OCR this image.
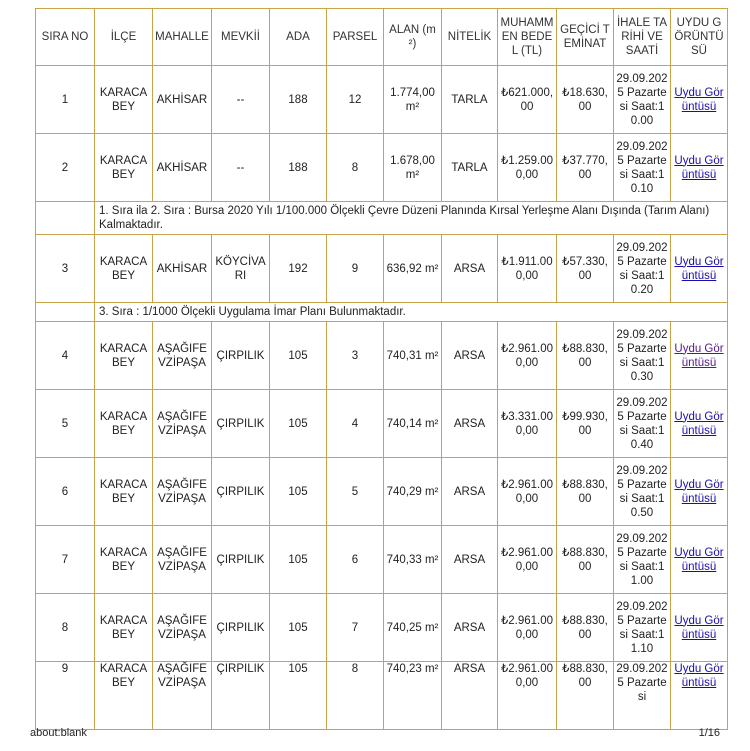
SIRA NO	İLÇE	MAHALLE	MEVKİİ	ADA	PARSEL	ALAN (m²)	NİTELİK	MUHAMMEN BEDEL (TL)	GEÇİCİ TEMİNAT	İHALE TARİHİ VE SAATİ	UYDU GÖRÜNTÜSÜ
1	KARACABEY	AKHİSAR	--	188	12	1.774,00 m²	TARLA	₺621.000,00	₺18.630,00	29.09.2025 Pazartesi Saat:10.00	Uydu Görüntüsü
2	KARACABEY	AKHİSAR	--	188	8	1.678,00 m²	TARLA	₺1.259.000,00	₺37.770,00	29.09.2025 Pazartesi Saat:10.10	Uydu Görüntüsü
	1. Sıra ila 2. Sıra : Bursa 2020 Yılı 1/100.000 Ölçekli Çevre Düzeni Planında Kırsal Yerleşme Alanı Dışında (Tarım Alanı) Kalmaktadır.										
3	KARACABEY	AKHİSAR	KÖYCİVARI	192	9	636,92 m²	ARSA	₺1.911.000,00	₺57.330,00	29.09.2025 Pazartesi Saat:10.20	Uydu Görüntüsü
	3. Sıra : 1/1000 Ölçekli Uygulama İmar Planı Bulunmaktadır.										
4	KARACABEY	AŞAĞIFEVZİPAŞA	ÇIRPILIK	105	3	740,31 m²	ARSA	₺2.961.000,00	₺88.830,00	29.09.2025 Pazartesi Saat:10.30	Uydu Görüntüsü
5	KARACABEY	AŞAĞIFEVZİPAŞA	ÇIRPILIK	105	4	740,14 m²	ARSA	₺3.331.000,00	₺99.930,00	29.09.2025 Pazartesi Saat:10.40	Uydu Görüntüsü
6	KARACABEY	AŞAĞIFEVZİPAŞA	ÇIRPILIK	105	5	740,29 m²	ARSA	₺2.961.000,00	₺88.830,00	29.09.2025 Pazartesi Saat:10.50	Uydu Görüntüsü
7	KARACABEY	AŞAĞIFEVZİPAŞA	ÇIRPILIK	105	6	740,33 m²	ARSA	₺2.961.000,00	₺88.830,00	29.09.2025 Pazartesi Saat:11.00	Uydu Görüntüsü
8	KARACABEY	AŞAĞIFEVZİPAŞA	ÇIRPILIK	105	7	740,25 m²	ARSA	₺2.961.000,00	₺88.830,00	29.09.2025 Pazartesi Saat:11.10	Uydu Görüntüsü
9	KARACABEY	AŞAĞIFEVZİPAŞA	ÇIRPILIK	105	8	740,23 m²	ARSA	₺2.961.000,00	₺88.830,00	29.09.2025 Pazartesi	Uydu Görüntüsü
about:blank	1/16
